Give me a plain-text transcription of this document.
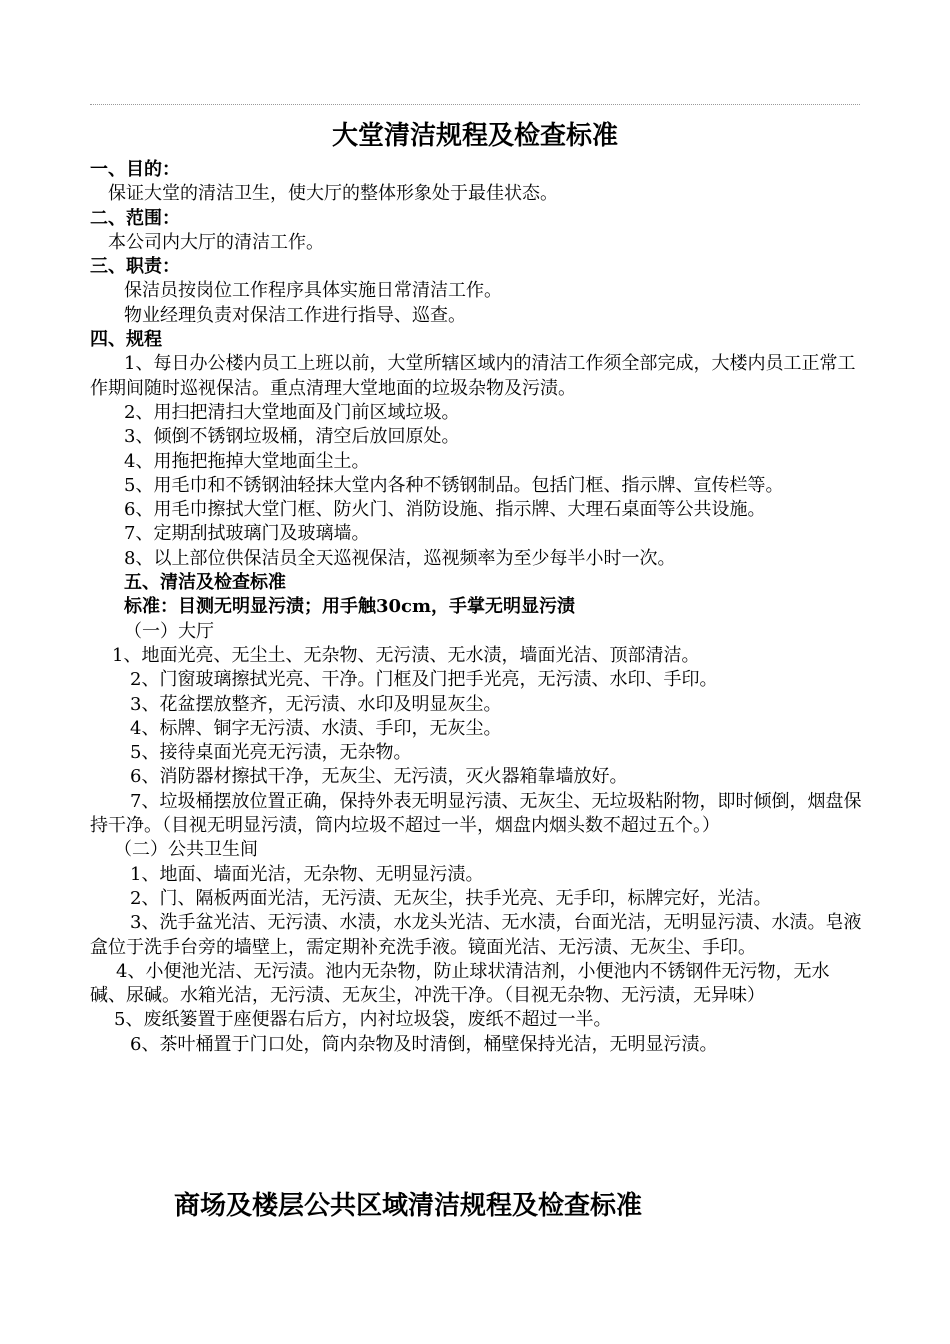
大堂清洁规程及检查标准
一、目的：
保证大堂的清洁卫生，使大厅的整体形象处于最佳状态。
二、范围：
本公司内大厅的清洁工作。
三、职责：
保洁员按岗位工作程序具体实施日常清洁工作。
物业经理负责对保洁工作进行指导、巡查。
四、规程
1、每日办公楼内员工上班以前，大堂所辖区域内的清洁工作须全部完成，大楼内员工正常工作期间随时巡视保洁。重点清理大堂地面的垃圾杂物及污渍。
2、用扫把清扫大堂地面及门前区域垃圾。
3、倾倒不锈钢垃圾桶，清空后放回原处。
4、用拖把拖掉大堂地面尘土。
5、用毛巾和不锈钢油轻抹大堂内各种不锈钢制品。包括门框、指示牌、宣传栏等。
6、用毛巾擦拭大堂门框、防火门、消防设施、指示牌、大理石桌面等公共设施。
7、定期刮拭玻璃门及玻璃墙。
8、以上部位供保洁员全天巡视保洁，巡视频率为至少每半小时一次。
五、清洁及检查标准
标准：目测无明显污渍；用手触30cm，手掌无明显污渍
（一）大厅
1、地面光亮、无尘土、无杂物、无污渍、无水渍，墙面光洁、顶部清洁。
2、门窗玻璃擦拭光亮、干净。门框及门把手光亮，无污渍、水印、手印。
3、花盆摆放整齐，无污渍、水印及明显灰尘。
4、标牌、铜字无污渍、水渍、手印，无灰尘。
5、接待桌面光亮无污渍，无杂物。
6、消防器材擦拭干净，无灰尘、无污渍，灭火器箱靠墙放好。
7、垃圾桶摆放位置正确，保持外表无明显污渍、无灰尘、无垃圾粘附物，即时倾倒，烟盘保持干净。（目视无明显污渍，筒内垃圾不超过一半，烟盘内烟头数不超过五个。）
（二）公共卫生间
1、地面、墙面光洁，无杂物、无明显污渍。
2、门、隔板两面光洁，无污渍、无灰尘，扶手光亮、无手印，标牌完好，光洁。
3、洗手盆光洁、无污渍、水渍，水龙头光洁、无水渍，台面光洁，无明显污渍、水渍。皂液盒位于洗手台旁的墙壁上，需定期补充洗手液。镜面光洁、无污渍、无灰尘、手印。
4、小便池光洁、无污渍。池内无杂物，防止球状清洁剂，小便池内不锈钢件无污物，无水碱、尿碱。水箱光洁，无污渍、无灰尘，冲洗干净。（目视无杂物、无污渍，无异味）
5、废纸篓置于座便器右后方，内衬垃圾袋，废纸不超过一半。
6、茶叶桶置于门口处，筒内杂物及时清倒，桶壁保持光洁，无明显污渍。
商场及楼层公共区域清洁规程及检查标准
